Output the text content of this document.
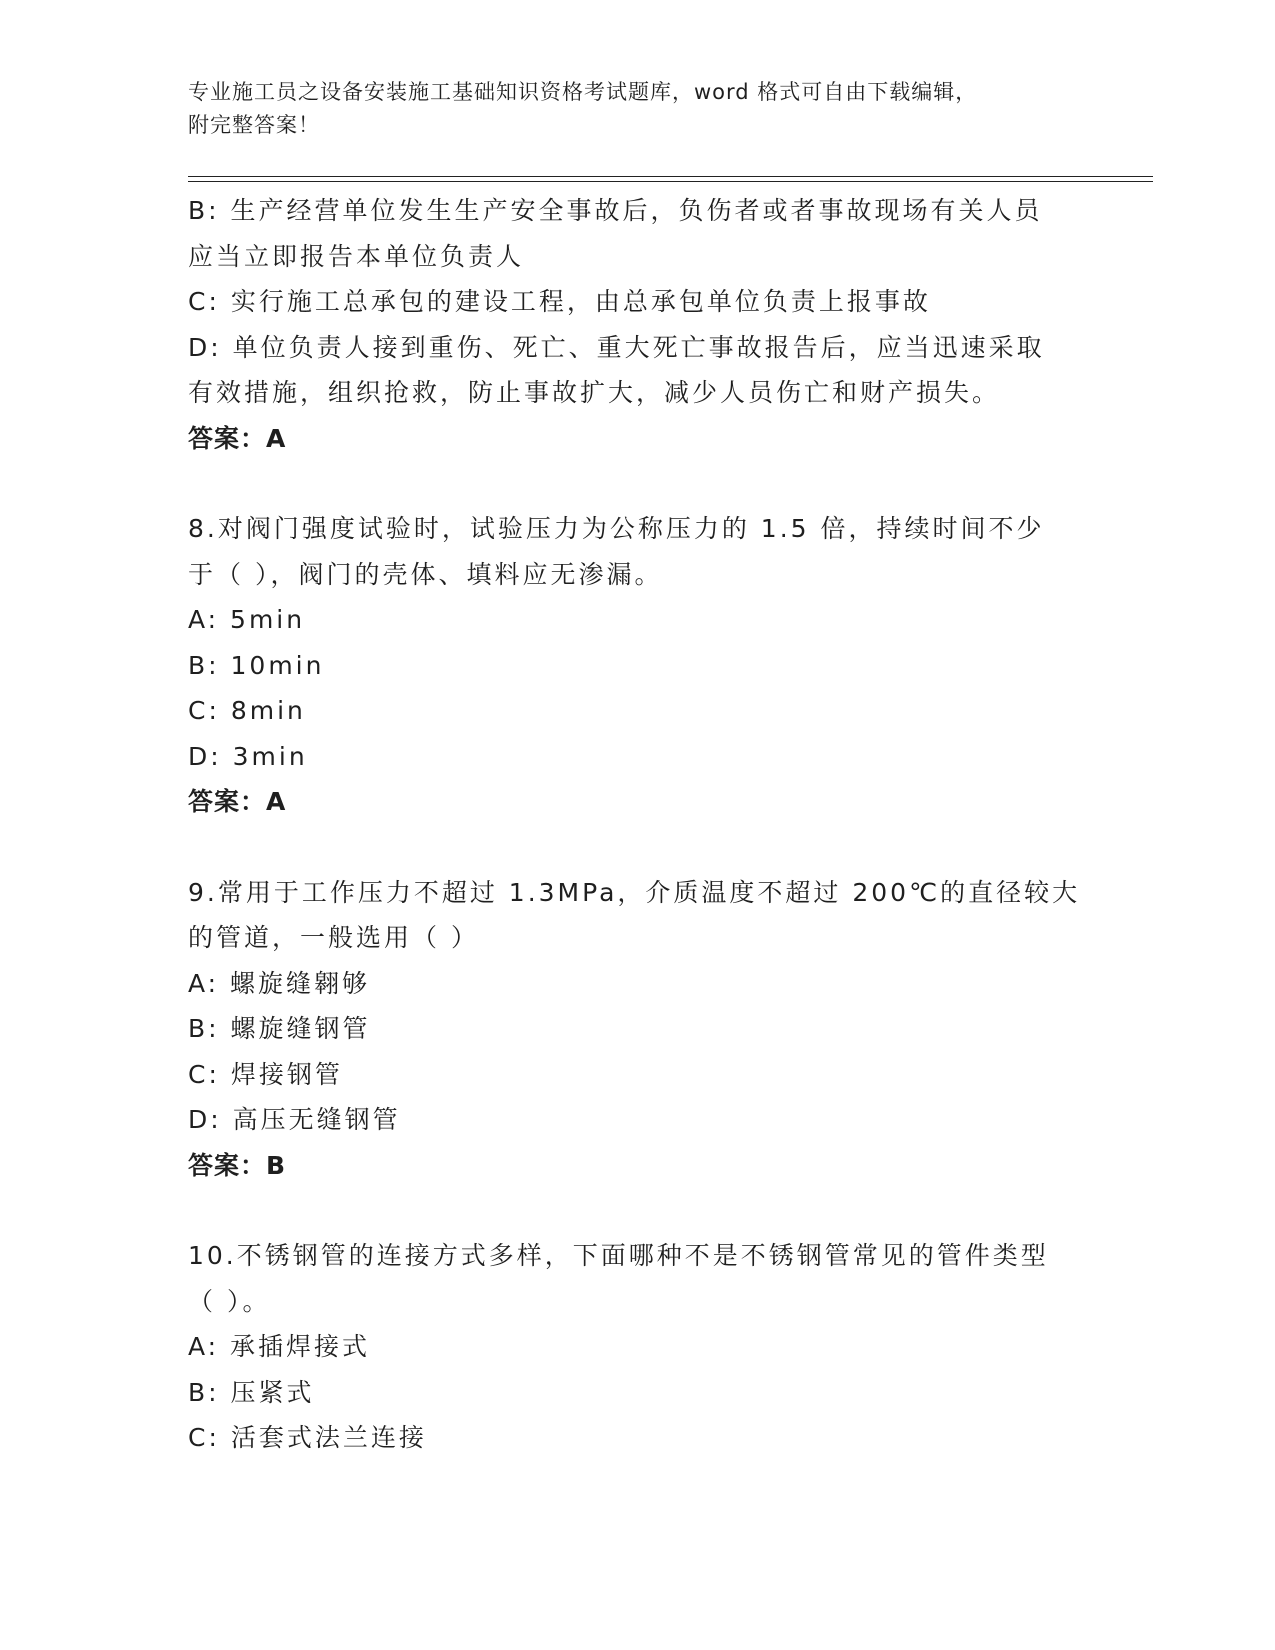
专业施工员之设备安装施工基础知识资格考试题库，word 格式可自由下载编辑，
附完整答案！

B: 生产经营单位发生生产安全事故后，负伤者或者事故现场有关人员

应当立即报告本单位负责人

C: 实行施工总承包的建设工程，由总承包单位负责上报事故

D: 单位负责人接到重伤、死亡、重大死亡事故报告后，应当迅速采取

有效措施，组织抢救，防止事故扩大，减少人员伤亡和财产损失。

答案：A

8.对阀门强度试验时，试验压力为公称压力的 1.5 倍，持续时间不少

于（ ），阀门的壳体、填料应无渗漏。

A: 5min

B: 10min

C: 8min

D: 3min

答案：A

9.常用于工作压力不超过 1.3MPa，介质温度不超过 200℃的直径较大

的管道，一般选用（ ）

A: 螺旋缝翱够

B: 螺旋缝钢管

C: 焊接钢管

D: 高压无缝钢管

答案：B

10.不锈钢管的连接方式多样，下面哪种不是不锈钢管常见的管件类型

（ ）。

A: 承插焊接式

B: 压紧式

C: 活套式法兰连接
